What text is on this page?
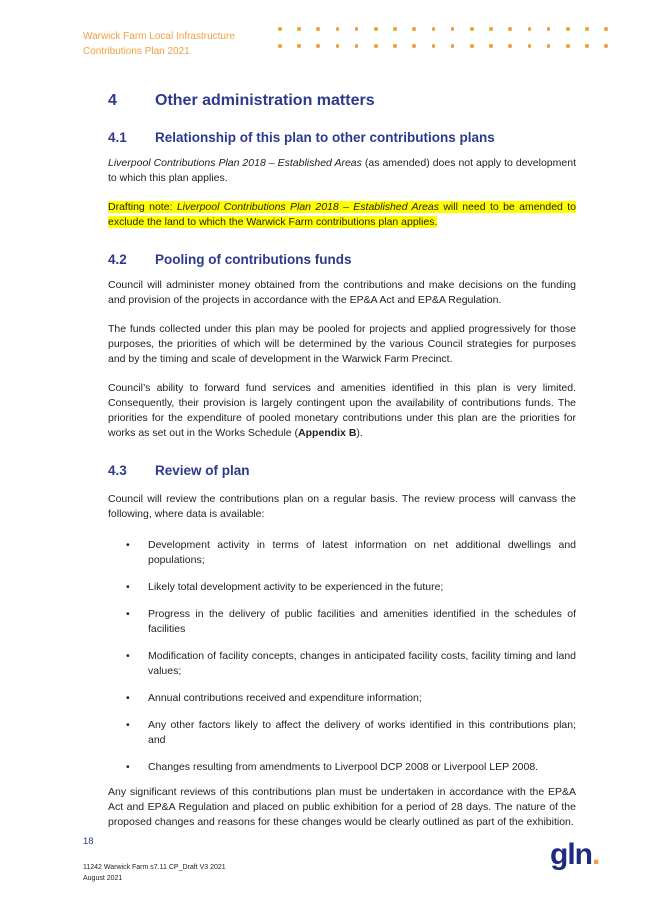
Warwick Farm Local Infrastructure
Contributions Plan 2021
4	Other administration matters
4.1	Relationship of this plan to other contributions plans

Liverpool Contributions Plan 2018 – Established Areas (as amended) does not apply to development to which this plan applies.

Drafting note: Liverpool Contributions Plan 2018 – Established Areas will need to be amended to exclude the land to which the Warwick Farm contributions plan applies.

4.2	Pooling of contributions funds

Council will administer money obtained from the contributions and make decisions on the funding and provision of the projects in accordance with the EP&A Act and EP&A Regulation.

The funds collected under this plan may be pooled for projects and applied progressively for those purposes, the priorities of which will be determined by the various Council strategies for purposes and by the timing and scale of development in the Warwick Farm Precinct.

Council’s ability to forward fund services and amenities identified in this plan is very limited. Consequently, their provision is largely contingent upon the availability of contributions funds. The priorities for the expenditure of pooled monetary contributions under this plan are the priorities for works as set out in the Works Schedule (Appendix B).

4.3	Review of plan

Council will review the contributions plan on a regular basis. The review process will canvass the following, where data is available:

•	Development activity in terms of latest information on net additional dwellings and populations;
•	Likely total development activity to be experienced in the future;
•	Progress in the delivery of public facilities and amenities identified in the schedules of facilities
•	Modification of facility concepts, changes in anticipated facility costs, facility timing and land values;
•	Annual contributions received and expenditure information;
•	Any other factors likely to affect the delivery of works identified in this contributions plan; and
•	Changes resulting from amendments to Liverpool DCP 2008 or Liverpool LEP 2008.

Any significant reviews of this contributions plan must be undertaken in accordance with the EP&A Act and EP&A Regulation and placed on public exhibition for a period of 28 days. The nature of the proposed changes and reasons for these changes would be clearly outlined as part of the exhibition.

18
11242 Warwick Farm s7.11 CP_Draft V3 2021
August 2021
gln.
